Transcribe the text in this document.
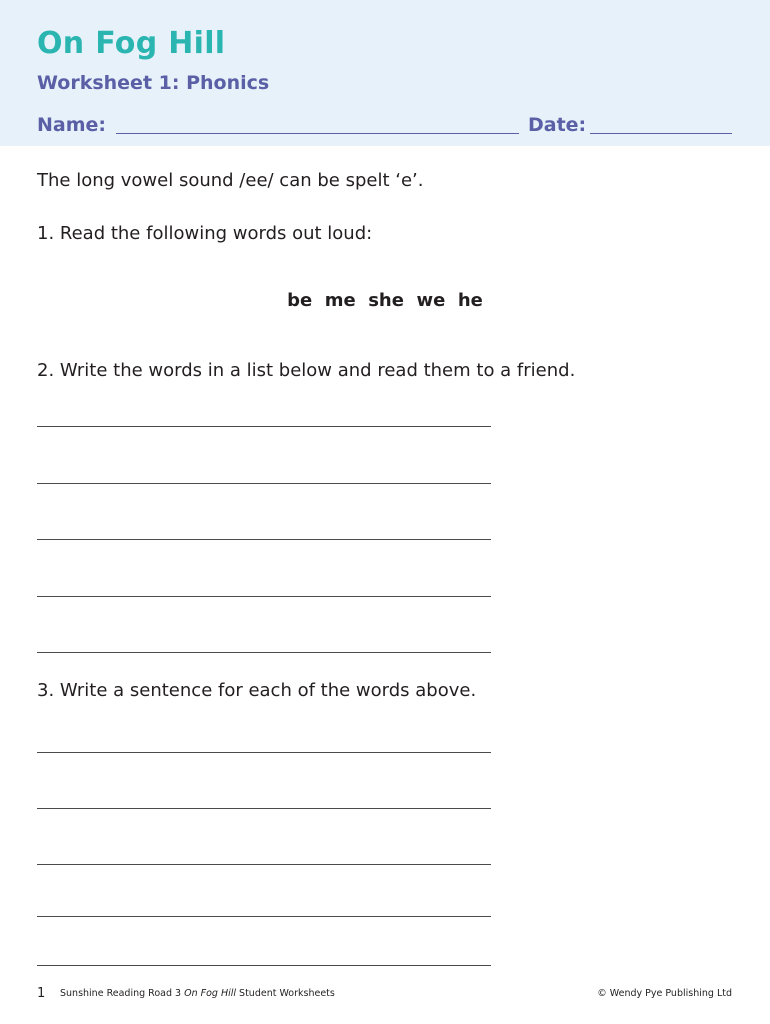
On Fog Hill
Worksheet 1: Phonics
Name:	Date:
The long vowel sound /ee/ can be spelt ‘e’.
1. Read the following words out loud:
be  me  she  we  he
2. Write the words in a list below and read them to a friend.
3. Write a sentence for each of the words above.
1 Sunshine Reading Road 3 On Fog Hill Student Worksheets	© Wendy Pye Publishing Ltd
